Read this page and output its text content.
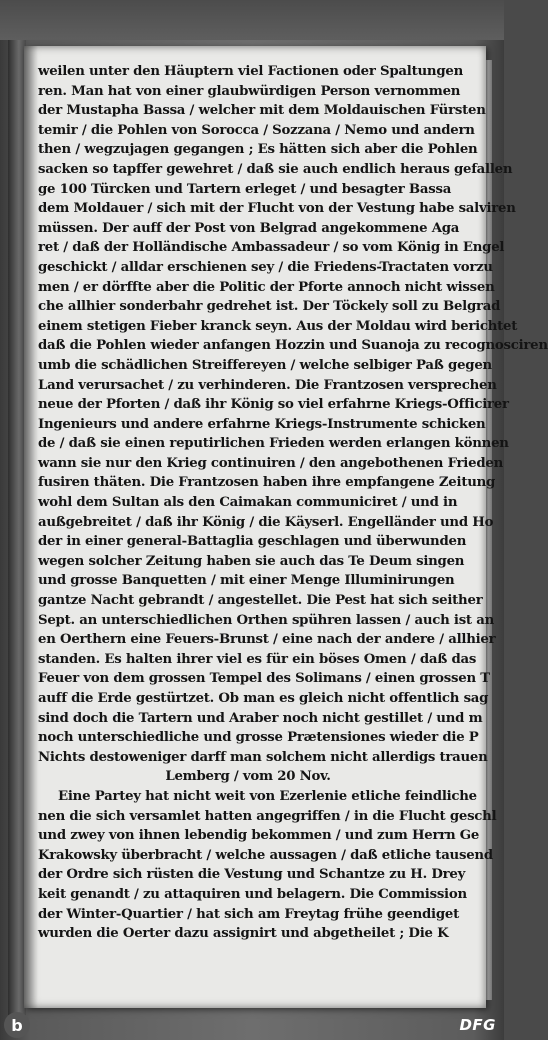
weilen unter den Häuptern viel Factionen oder Spaltungen
ren. Man hat von einer glaubwürdigen Person vernommen
der Mustapha Bassa / welcher mit dem Moldauischen Fürsten
temir / die Pohlen von Sorocca / Sozzana / Nemo und andern
then / wegzujagen gegangen ; Es hätten sich aber die Pohlen
sacken so tapffer gewehret / daß sie auch endlich heraus gefallen
ge 100 Türcken und Tartern erleget / und besagter Bassa
dem Moldauer / sich mit der Flucht von der Vestung habe salviren
müssen. Der auff der Post von Belgrad angekommene Aga
ret / daß der Holländische Ambassadeur / so vom König in Engel
geschickt / alldar erschienen sey / die Friedens-Tractaten vorzu
men / er dörffte aber die Politic der Pforte annoch nicht wissen
che allhier sonderbahr gedrehet ist. Der Töckely soll zu Belgrad
einem stetigen Fieber kranck seyn. Aus der Moldau wird berichtet
daß die Pohlen wieder anfangen Hozzin und Suanoja zu recognosciren
umb die schädlichen Streiffereyen / welche selbiger Paß gegen
Land verursachet / zu verhinderen. Die Frantzosen versprechen
neue der Pforten / daß ihr König so viel erfahrne Kriegs-Officirer
Ingenieurs und andere erfahrne Kriegs-Instrumente schicken
de / daß sie einen reputirlichen Frieden werden erlangen können
wann sie nur den Krieg continuiren / den angebothenen Frieden
fusiren thäten. Die Frantzosen haben ihre empfangene Zeitung
wohl dem Sultan als den Caimakan communiciret / und in
außgebreitet / daß ihr König / die Käyserl. Engelländer und Ho
der in einer general-Battaglia geschlagen und überwunden
wegen solcher Zeitung haben sie auch das Te Deum singen
und grosse Banquetten / mit einer Menge Illuminirungen
gantze Nacht gebrandt / angestellet. Die Pest hat sich seither
Sept. an unterschiedlichen Orthen spühren lassen / auch ist an
en Oerthern eine Feuers-Brunst / eine nach der andere / allhier
standen. Es halten ihrer viel es für ein böses Omen / daß das
Feuer von dem grossen Tempel des Solimans / einen grossen T
auff die Erde gestürtzet. Ob man es gleich nicht offentlich sag
sind doch die Tartern und Araber noch nicht gestillet / und m
noch unterschiedliche und grosse Prætensiones wieder die P
Nichts destoweniger darff man solchem nicht allerdigs trauen
Lemberg / vom 20 Nov.
Eine Partey hat nicht weit von Ezerlenie etliche feindliche
nen die sich versamlet hatten angegriffen / in die Flucht geschl
und zwey von ihnen lebendig bekommen / und zum Herrn Ge
Krakowsky überbracht / welche aussagen / daß etliche tausend
der Ordre sich rüsten die Vestung und Schantze zu H. Drey
keit genandt / zu attaquiren und belagern. Die Commission
der Winter-Quartier / hat sich am Freytag frühe geendiget
wurden die Oerter dazu assignirt und abgetheilet ; Die K
b	DFG
